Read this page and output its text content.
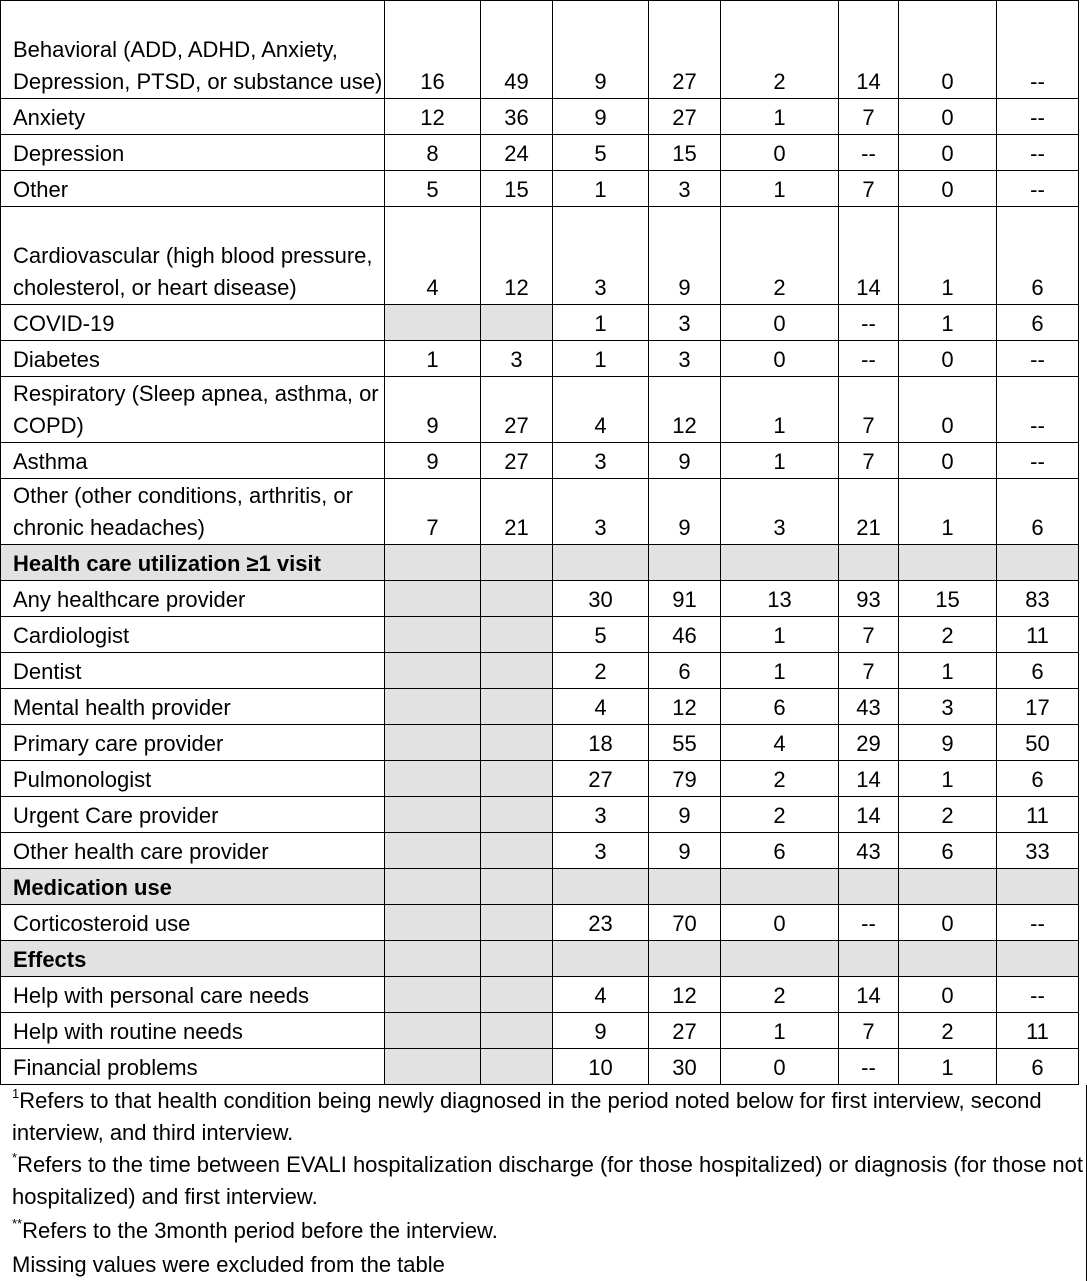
Behavioral (ADD, ADHD, Anxiety, Depression, PTSD, or substance use)	16	49	9	27	2	14	0	--
Anxiety	12	36	9	27	1	7	0	--
Depression	8	24	5	15	0	--	0	--
Other	5	15	1	3	1	7	0	--
Cardiovascular (high blood pressure, cholesterol, or heart disease)	4	12	3	9	2	14	1	6
COVID-19			1	3	0	--	1	6
Diabetes	1	3	1	3	0	--	0	--
Respiratory (Sleep apnea, asthma, or COPD)	9	27	4	12	1	7	0	--
Asthma	9	27	3	9	1	7	0	--
Other (other conditions, arthritis, or chronic headaches)	7	21	3	9	3	21	1	6
Health care utilization ≥1 visit								
Any healthcare provider			30	91	13	93	15	83
Cardiologist			5	46	1	7	2	11
Dentist			2	6	1	7	1	6
Mental health provider			4	12	6	43	3	17
Primary care provider			18	55	4	29	9	50
Pulmonologist			27	79	2	14	1	6
Urgent Care provider			3	9	2	14	2	11
Other health care provider			3	9	6	43	6	33
Medication use								
Corticosteroid use			23	70	0	--	0	--
Effects								
Help with personal care needs			4	12	2	14	0	--
Help with routine needs			9	27	1	7	2	11
Financial problems			10	30	0	--	1	6

$^1$Refers to that health condition being newly diagnosed in the period noted below for first interview, second interview, and third interview.

*Refers to the time between EVALI hospitalization discharge (for those hospitalized) or diagnosis (for those not hospitalized) and first interview.

**Refers to the 3month period before the interview.

Missing values were excluded from the table
